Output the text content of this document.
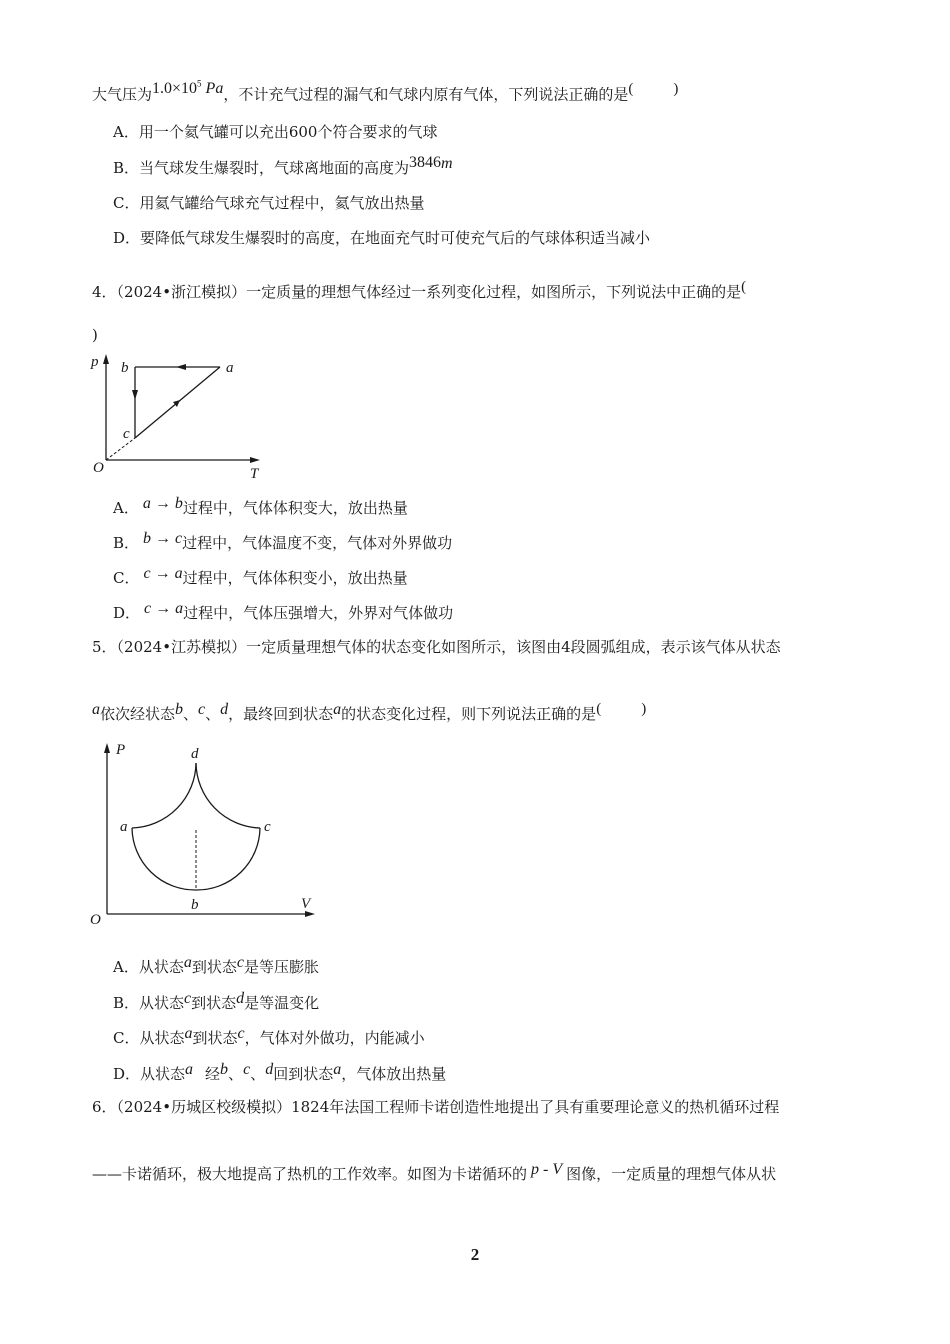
大气压为$1.0\times 10^5$ Pa，不计充气过程的漏气和气球内原有气体，下列说法正确的是(	)
A．用一个氦气罐可以充出600个符合要求的气球
B．当气球发生爆裂时，气球离地面的高度为3846m
C．用氦气罐给气球充气过程中，氦气放出热量
D．要降低气球发生爆裂时的高度，在地面充气时可使充气后的气球体积适当减小
4．（2024•浙江模拟）一定质量的理想气体经过一系列变化过程，如图所示，下列说法中正确的是(
)
p
T
O
a
b
c
A． a → b过程中，气体体积变大，放出热量
B． b → c过程中，气体温度不变，气体对外界做功
C． c → a过程中，气体体积变小，放出热量
D． c → a过程中，气体压强增大，外界对气体做功
5．（2024•江苏模拟）一定质量理想气体的状态变化如图所示，该图由4段圆弧组成，表示该气体从状态
a依次经状态b、c、d，最终回到状态a的状态变化过程，则下列说法正确的是(	)
P
V
O
a
b
c
d
A．从状态a到状态c是等压膨胀
B．从状态c到状态d是等温变化
C．从状态a到状态c，气体对外做功，内能减小
D．从状态a 经b、c、d回到状态a，气体放出热量
6．（2024•历城区校级模拟）1824年法国工程师卡诺创造性地提出了具有重要理论意义的热机循环过程
——卡诺循环，极大地提高了热机的工作效率。如图为卡诺循环的 p - V 图像，一定质量的理想气体从状
2
